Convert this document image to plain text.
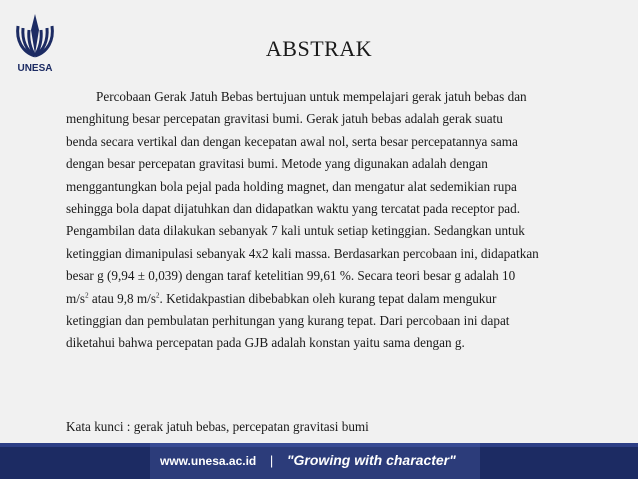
UNESA
ABSTRAK
Percobaan Gerak Jatuh Bebas bertujuan untuk mempelajari gerak jatuh bebas dan
menghitung besar percepatan gravitasi bumi. Gerak jatuh bebas adalah gerak suatu
benda secara vertikal dan dengan kecepatan awal nol, serta besar percepatannya sama
dengan besar percepatan gravitasi bumi. Metode yang digunakan adalah dengan
menggantungkan bola pejal pada holding magnet, dan mengatur alat sedemikian rupa
sehingga bola dapat dijatuhkan dan didapatkan waktu yang tercatat pada receptor pad.
Pengambilan data dilakukan sebanyak 7 kali untuk setiap ketinggian. Sedangkan untuk
ketinggian dimanipulasi sebanyak 4x2 kali massa. Berdasarkan percobaan ini, didapatkan
besar g (9,94 ± 0,039) dengan taraf ketelitian 99,61 %. Secara teori besar g adalah 10
$m/s^2$ atau 9,8 $m/s^2$. Ketidakpastian dibebabkan oleh kurang tepat dalam mengukur
ketinggian dan pembulatan perhitungan yang kurang tepat. Dari percobaan ini dapat
diketahui bahwa percepatan pada GJB adalah konstan yaitu sama dengan g.
Kata kunci : gerak jatuh bebas, percepatan gravitasi bumi
www.unesa.ac.id | "Growing with character"
